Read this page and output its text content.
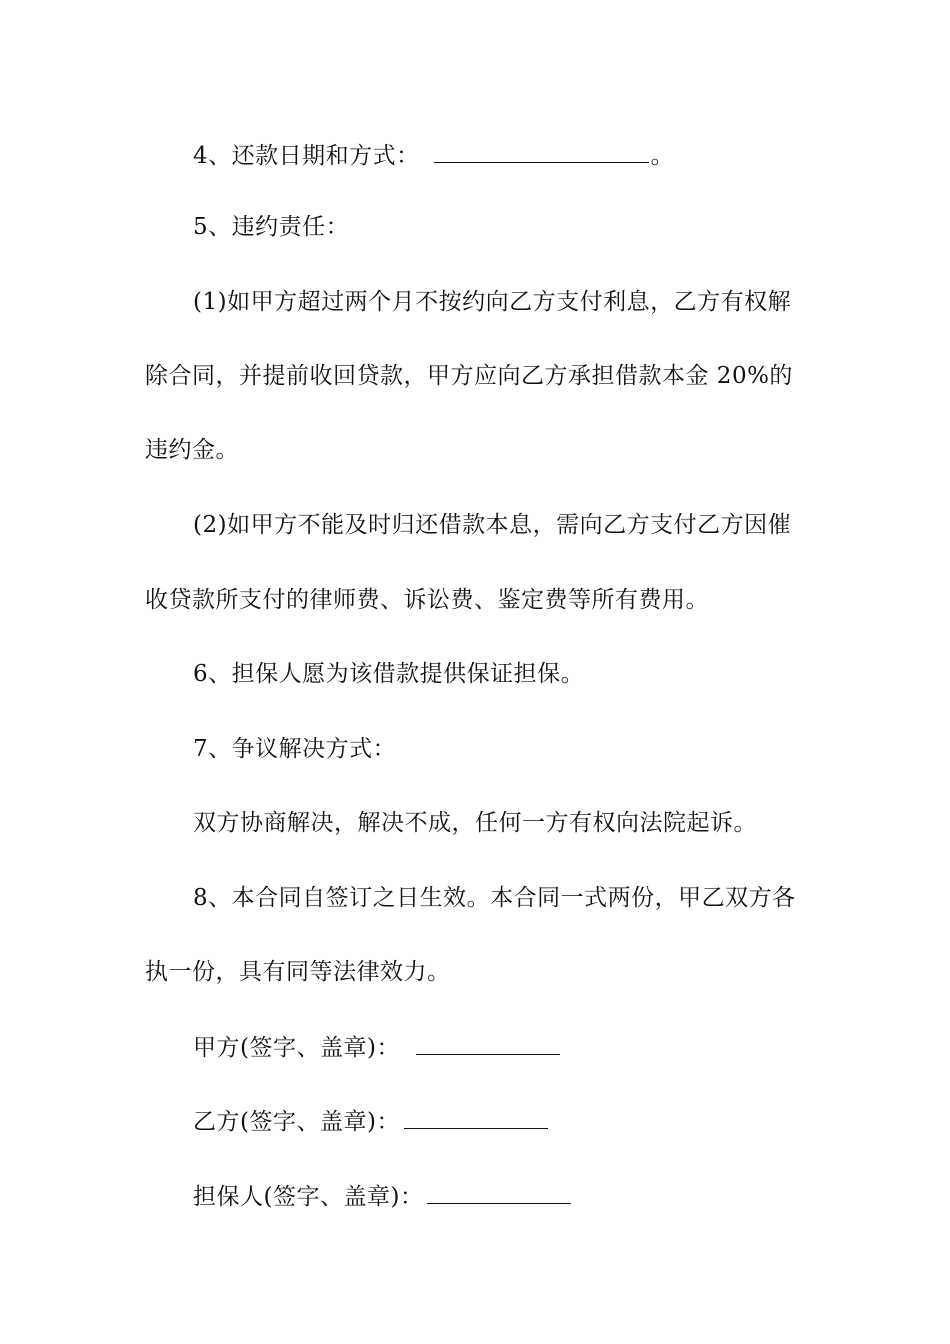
4、还款日期和方式：	。
5、违约责任：
(1)如甲方超过两个月不按约向乙方支付利息，乙方有权解
除合同，并提前收回贷款，甲方应向乙方承担借款本金 20%的
违约金。
(2)如甲方不能及时归还借款本息，需向乙方支付乙方因催
收贷款所支付的律师费、诉讼费、鉴定费等所有费用。
6、担保人愿为该借款提供保证担保。
7、争议解决方式：
双方协商解决，解决不成，任何一方有权向法院起诉。
8、本合同自签订之日生效。本合同一式两份，甲乙双方各
执一份，具有同等法律效力。
甲方(签字、盖章)：
乙方(签字、盖章)：
担保人(签字、盖章)：
